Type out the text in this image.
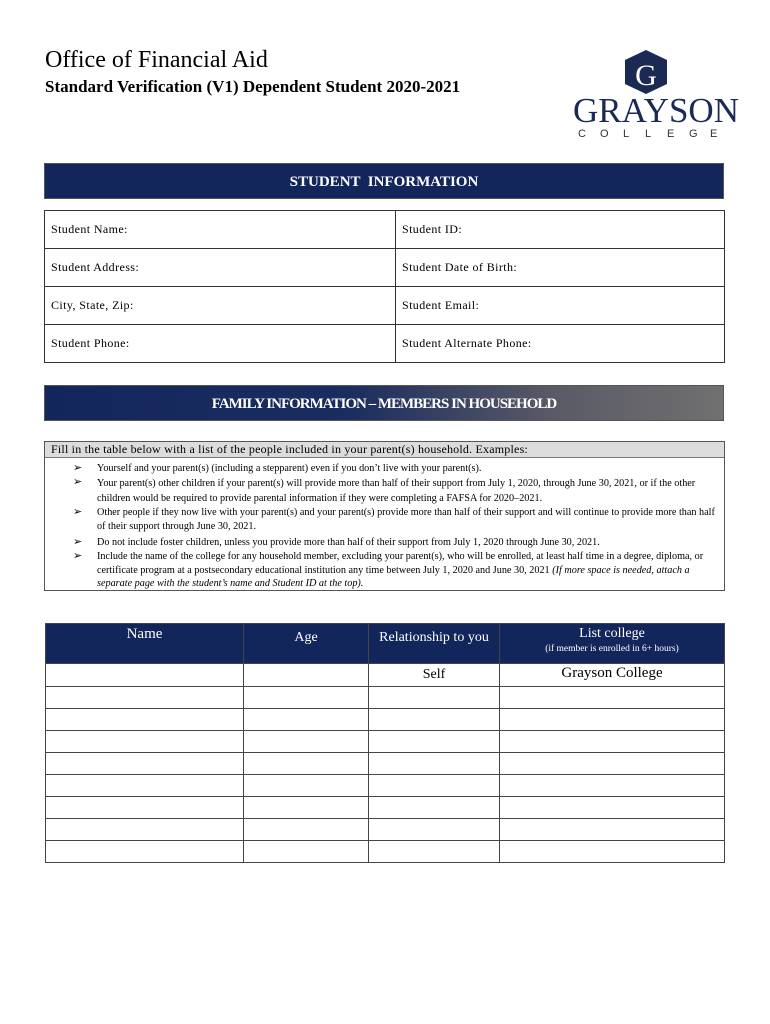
Office of Financial Aid
Standard Verification (V1) Dependent Student 2020-2021	G
GRAYSON
C O L L E G E
STUDENT  INFORMATION
Student Name:	Student ID:
Student Address:	Student Date of Birth:
City, State, Zip:	Student Email:
Student Phone:	Student Alternate Phone:
FAMILY INFORMATION – MEMBERS IN HOUSEHOLD
Fill in the table below with a list of the people included in your parent(s) household. Examples:
➢ Yourself and your parent(s) (including a stepparent) even if you don’t live with your parent(s).
➢ Your parent(s) other children if your parent(s) will provide more than half of their support from July 1, 2020, through June 30, 2021, or if the other children would be required to provide parental information if they were completing a FAFSA for 2020–2021.
➢ Other people if they now live with your parent(s) and your parent(s) provide more than half of their support and will continue to provide more than half of their support through June 30, 2021.
➢ Do not include foster children, unless you provide more than half of their support from July 1, 2020 through June 30, 2021.
➢ Include the name of the college for any household member, excluding your parent(s), who will be enrolled, at least half time in a degree, diploma, or certificate program at a postsecondary educational institution any time between July 1, 2020 and June 30, 2021 (If more space is needed, attach a separate page with the student’s name and Student ID at the top).
Name	Age	Relationship to you	List college
(if member is enrolled in 6+ hours)

		Self	Grayson College
